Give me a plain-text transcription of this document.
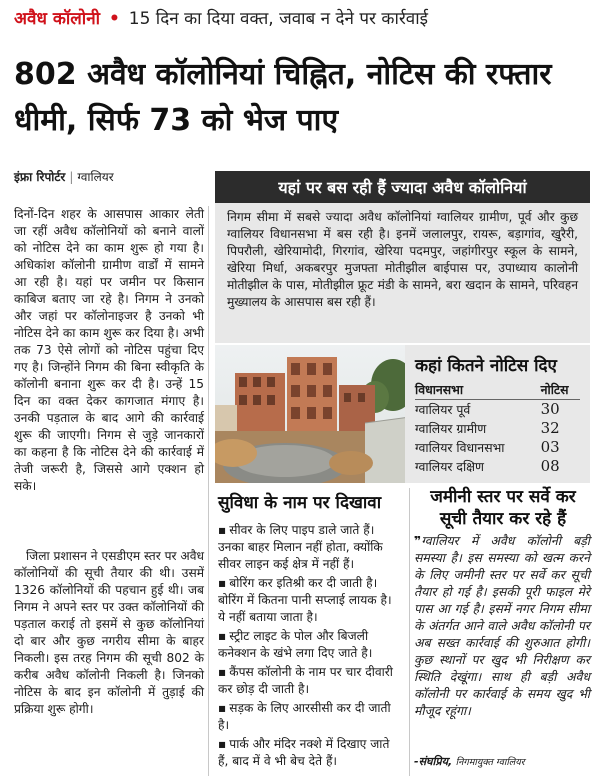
अवैध कॉलोनी • 15 दिन का दिया वक्त, जवाब न देने पर कार्रवाई
802 अवैध कॉलोनियां चिह्नित, नोटिस की रफ्तार धीमी, सिर्फ 73 को भेज पाए
इंफ्रा रिपोर्टर | ग्वालियर

दिनों-दिन शहर के आसपास आकार लेती जा रहीं अवैध कॉलोनियों को बनाने वालों को नोटिस देने का काम शुरू हो गया है। अधिकांश कॉलोनी ग्रामीण वार्डों में सामने आ रही है। यहां पर जमीन पर किसान काबिज बताए जा रहे है। निगम ने उनको और जहां पर कॉलोनाइजर है उनको भी नोटिस देने का काम शुरू कर दिया है। अभी तक 73 ऐसे लोगों को नोटिस पहुंचा दिए गए है। जिन्होंने निगम की बिना स्वीकृति के कॉलोनी बनाना शुरू कर दी है। उन्हें 15 दिन का वक्त देकर कागजात मंगाए है। उनकी पड़ताल के बाद आगे की कार्रवाई शुरू की जाएगी। निगम से जुड़े जानकारों का कहना है कि नोटिस देने की कार्रवाई में तेजी जरूरी है, जिससे आगे एक्शन हो सके।

जिला प्रशासन ने एसडीएम स्तर पर अवैध कॉलोनियों की सूची तैयार की थी। उसमें 1326 कॉलोनियों की पहचान हुई थी। जब निगम ने अपने स्तर पर उक्त कॉलोनियों की पड़ताल कराई तो इसमें से कुछ कॉलोनियां दो बार और कुछ नगरीय सीमा के बाहर निकली। इस तरह निगम की सूची 802 के करीब अवैध कॉलोनी निकली है। जिनको नोटिस के बाद इन कॉलोनी में तुड़ाई की प्रक्रिया शुरू होगी।

यहां पर बस रही हैं ज्यादा अवैध कॉलोनियां
निगम सीमा में सबसे ज्यादा अवैध कॉलोनियां ग्वालियर ग्रामीण, पूर्व और कुछ ग्वालियर विधानसभा में बस रही है। इनमें जलालपुर, रायरू, बड़ागांव, खुरैरी, पिपरौली, खेरियामोदी, गिरगांव, खेरिया पदमपुर, जहांगीरपुर स्कूल के सामने, खेरिया मिर्धा, अकबरपुर मुजफ्ता मोतीझील बाईपास पर, उपाध्याय कालोनी मोतीझील के पास, मोतीझील फ्रूट मंडी के सामने, बरा खदान के सामने, परिवहन मुख्यालय के आसपास बस रही हैं।
कहां कितने नोटिस दिए
विधानसभा	नोटिस
ग्वालियर पूर्व	30
ग्वालियर ग्रामीण	32
ग्वालियर विधानसभा	03
ग्वालियर दक्षिण	08
सुविधा के नाम पर दिखावा
▪ सीवर के लिए पाइप डाले जाते हैं। उनका बाहर मिलान नहीं होता, क्योंकि सीवर लाइन कई क्षेत्र में नहीं हैं।
▪ बोरिंग कर इतिश्री कर दी जाती है। बोरिंग में कितना पानी सप्लाई लायक है। ये नहीं बताया जाता है।
▪ स्ट्रीट लाइट के पोल और बिजली कनेक्शन के खंभे लगा दिए जाते है।
▪ कैंपस कॉलोनी के नाम पर चार दीवारी कर छोड़ दी जाती है।
▪ सड़क के लिए आरसीसी कर दी जाती है।
▪ पार्क और मंदिर नक्शे में दिखाए जाते हैं, बाद में वे भी बेच देते हैं।
जमीनी स्तर पर सर्वे कर सूची तैयार कर रहे हैं

❞ग्वालियर में अवैध कॉलोनी बड़ी समस्या है। इस समस्या को खत्म करने के लिए जमीनी स्तर पर सर्वे कर सूची तैयार हो गई है। इसकी पूरी फाइल मेरे पास आ गई है। इसमें नगर निगम सीमा के अंतर्गत आने वाले अवैध कॉलोनी पर अब सख्त कार्रवाई की शुरुआत होगी। कुछ स्थानों पर खुद भी निरीक्षण कर स्थिति देखूंगा। साथ ही बड़ी अवैध कॉलोनी पर कार्रवाई के समय खुद भी मौजूद रहूंगा।

-संघप्रिय, निगमायुक्त ग्वालियर
